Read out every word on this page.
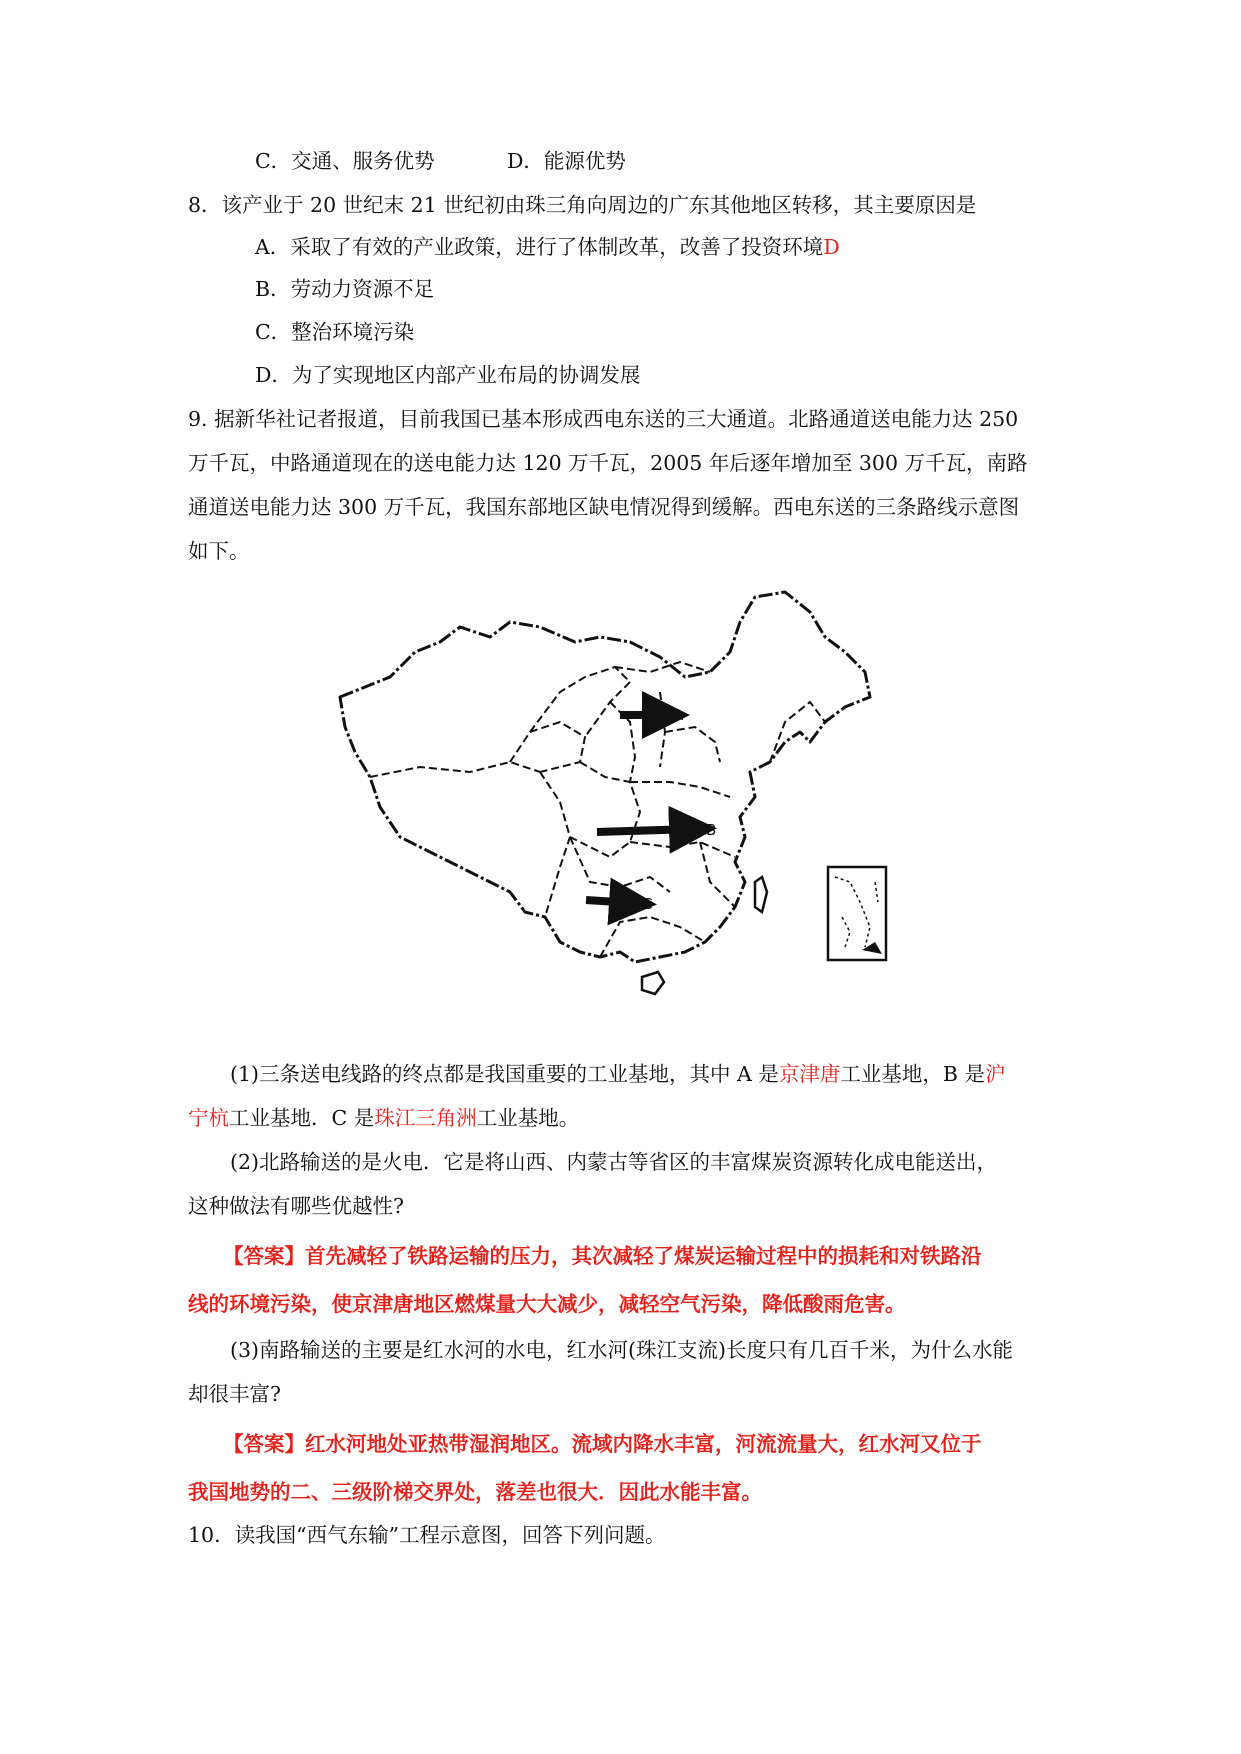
C．交通、服务优势	D．能源优势
8．该产业于 20 世纪末 21 世纪初由珠三角向周边的广东其他地区转移，其主要原因是
A．采取了有效的产业政策，进行了体制改革，改善了投资环境D
B．劳动力资源不足
C．整治环境污染
D．为了实现地区内部产业布局的协调发展
9. 据新华社记者报道，目前我国已基本形成西电东送的三大通道。北路通道送电能力达 250
万千瓦，中路通道现在的送电能力达 120 万千瓦，2005 年后逐年增加至 300 万千瓦，南路
通道送电能力达 300 万千瓦，我国东部地区缺电情况得到缓解。西电东送的三条路线示意图
如下。
A
B
C
(1)三条送电线路的终点都是我国重要的工业基地，其中 A 是京津唐工业基地，B 是沪
宁杭工业基地．C 是珠江三角洲工业基地。
(2)北路输送的是火电．它是将山西、内蒙古等省区的丰富煤炭资源转化成电能送出，
这种做法有哪些优越性?
【答案】首先减轻了铁路运输的压力，其次减轻了煤炭运输过程中的损耗和对铁路沿
线的环境污染，使京津唐地区燃煤量大大减少，减轻空气污染，降低酸雨危害。
(3)南路输送的主要是红水河的水电，红水河(珠江支流)长度只有几百千米，为什么水能
却很丰富?
【答案】红水河地处亚热带湿润地区。流域内降水丰富，河流流量大，红水河又位于
我国地势的二、三级阶梯交界处，落差也很大．因此水能丰富。
10．读我国“西气东输”工程示意图，回答下列问题。
